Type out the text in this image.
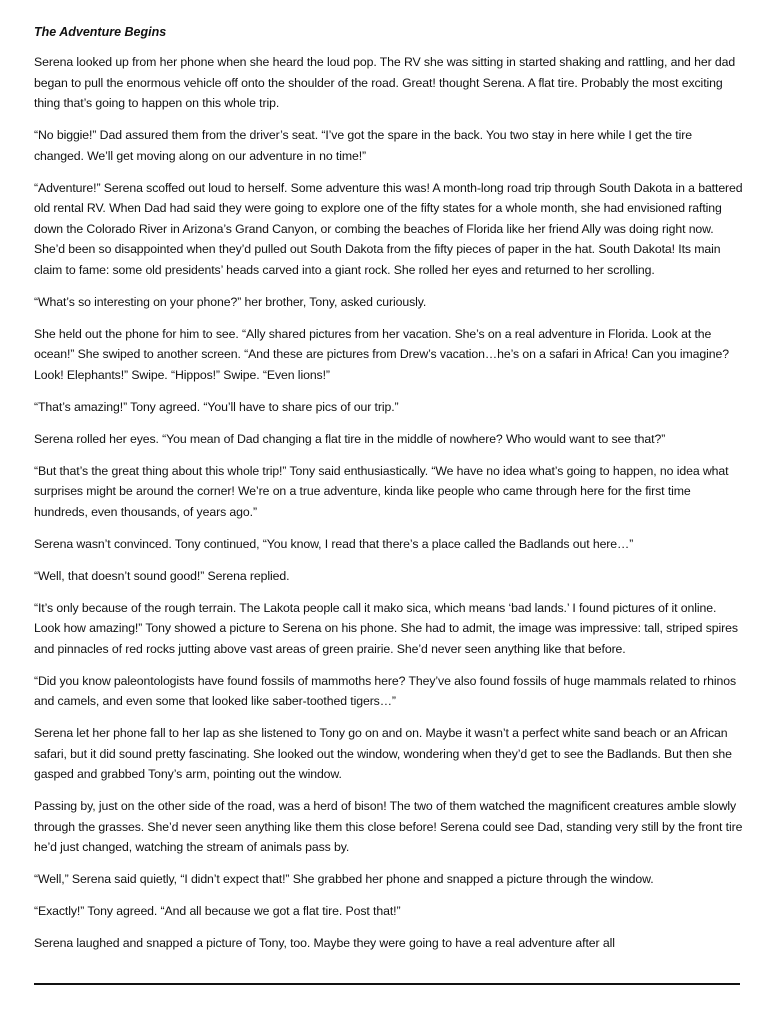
The Adventure Begins

Serena looked up from her phone when she heard the loud pop. The RV she was sitting in started shaking and rattling, and her dad began to pull the enormous vehicle off onto the shoulder of the road. Great! thought Serena. A flat tire. Probably the most exciting thing that’s going to happen on this whole trip.

“No biggie!” Dad assured them from the driver’s seat. “I’ve got the spare in the back. You two stay in here while I get the tire changed. We’ll get moving along on our adventure in no time!”

“Adventure!” Serena scoffed out loud to herself. Some adventure this was! A month-long road trip through South Dakota in a battered old rental RV. When Dad had said they were going to explore one of the fifty states for a whole month, she had envisioned rafting down the Colorado River in Arizona’s Grand Canyon, or combing the beaches of Florida like her friend Ally was doing right now. She’d been so disappointed when they’d pulled out South Dakota from the fifty pieces of paper in the hat. South Dakota! Its main claim to fame: some old presidents’ heads carved into a giant rock. She rolled her eyes and returned to her scrolling.

“What’s so interesting on your phone?” her brother, Tony, asked curiously.

She held out the phone for him to see. “Ally shared pictures from her vacation. She’s on a real adventure in Florida. Look at the ocean!” She swiped to another screen. “And these are pictures from Drew’s vacation…he’s on a safari in Africa! Can you imagine? Look! Elephants!” Swipe. “Hippos!” Swipe. “Even lions!”

“That’s amazing!” Tony agreed. “You’ll have to share pics of our trip.”

Serena rolled her eyes. “You mean of Dad changing a flat tire in the middle of nowhere? Who would want to see that?”

“But that’s the great thing about this whole trip!” Tony said enthusiastically. “We have no idea what’s going to happen, no idea what surprises might be around the corner! We’re on a true adventure, kinda like people who came through here for the first time hundreds, even thousands, of years ago.”

Serena wasn’t convinced. Tony continued, “You know, I read that there’s a place called the Badlands out here…”

“Well, that doesn’t sound good!” Serena replied.

“It’s only because of the rough terrain. The Lakota people call it mako sica, which means ‘bad lands.’ I found pictures of it online. Look how amazing!” Tony showed a picture to Serena on his phone. She had to admit, the image was impressive: tall, striped spires and pinnacles of red rocks jutting above vast areas of green prairie. She’d never seen anything like that before.

“Did you know paleontologists have found fossils of mammoths here? They’ve also found fossils of huge mammals related to rhinos and camels, and even some that looked like saber-toothed tigers…”

Serena let her phone fall to her lap as she listened to Tony go on and on. Maybe it wasn’t a perfect white sand beach or an African safari, but it did sound pretty fascinating. She looked out the window, wondering when they’d get to see the Badlands. But then she gasped and grabbed Tony’s arm, pointing out the window.

Passing by, just on the other side of the road, was a herd of bison! The two of them watched the magnificent creatures amble slowly through the grasses. She’d never seen anything like them this close before! Serena could see Dad, standing very still by the front tire he’d just changed, watching the stream of animals pass by.

“Well,” Serena said quietly, “I didn’t expect that!” She grabbed her phone and snapped a picture through the window.

“Exactly!” Tony agreed. “And all because we got a flat tire. Post that!”

Serena laughed and snapped a picture of Tony, too. Maybe they were going to have a real adventure after all
